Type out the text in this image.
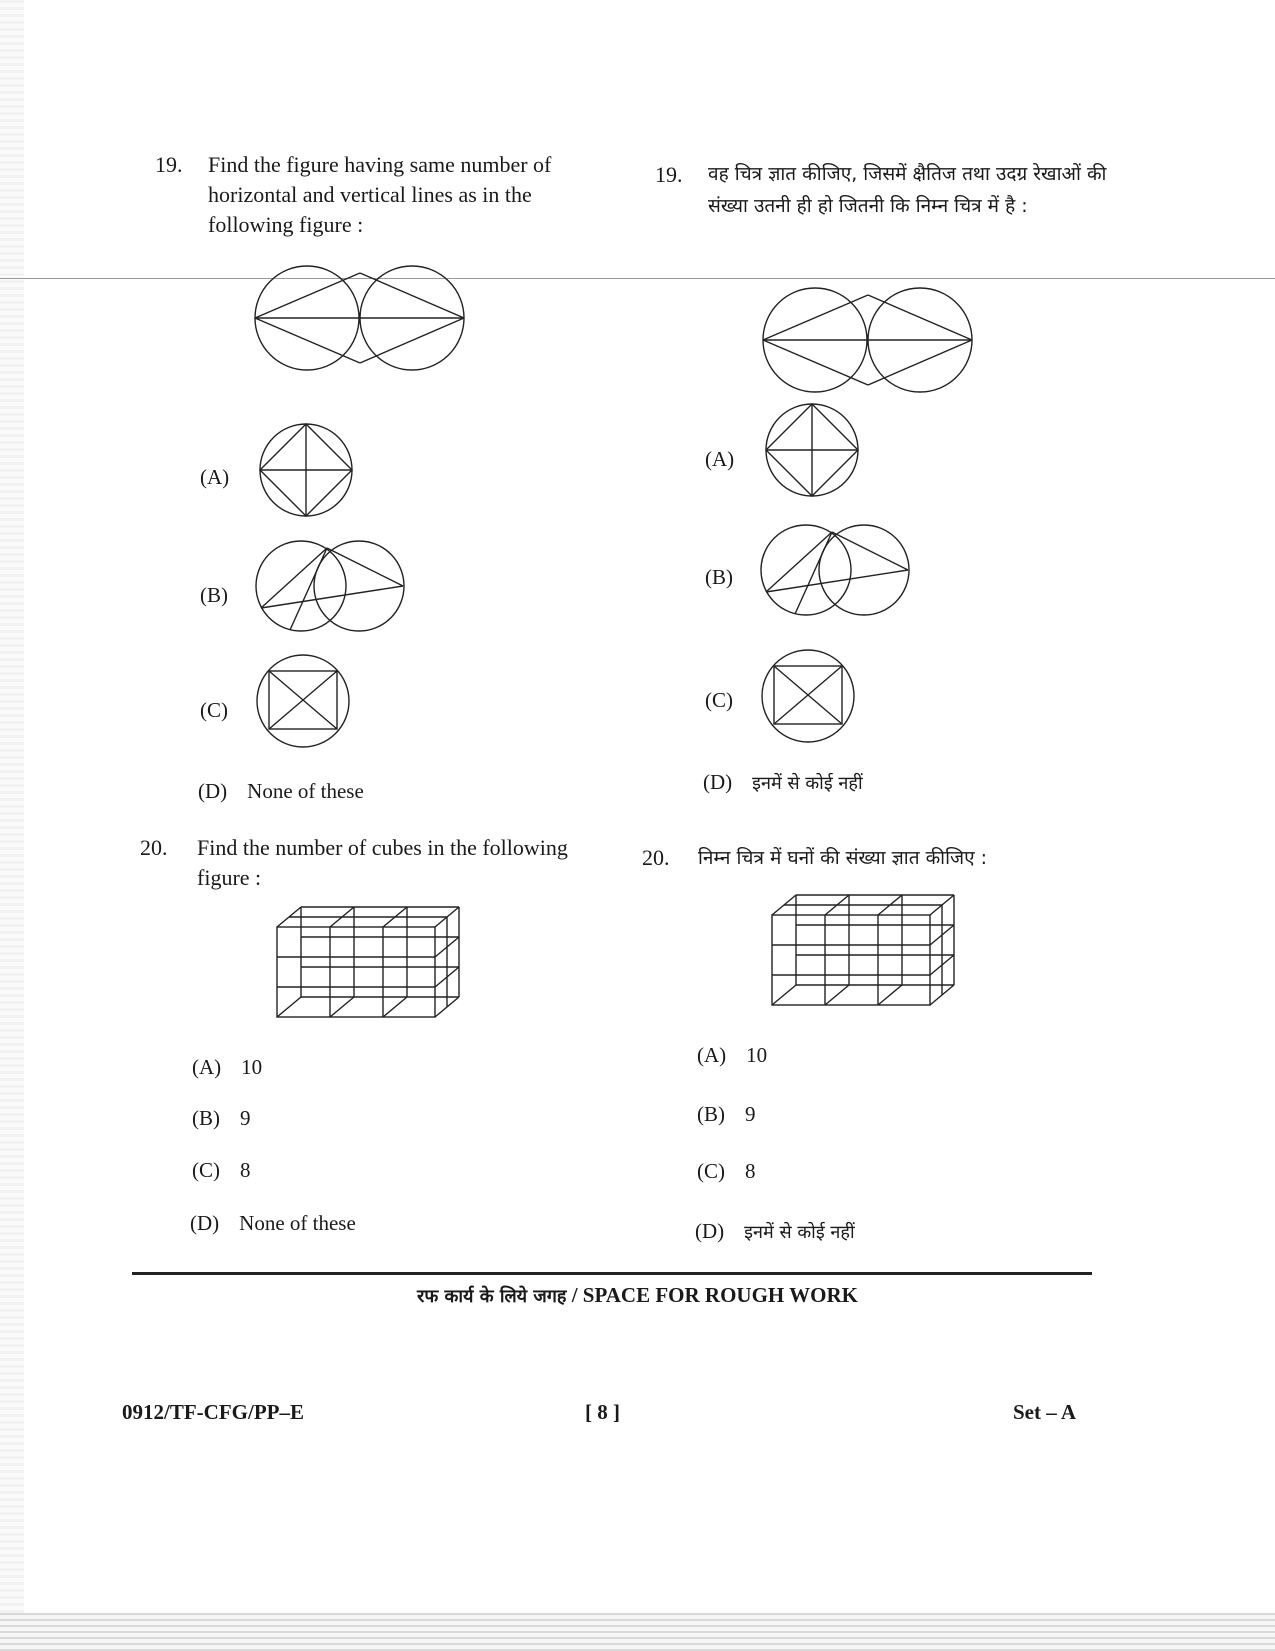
19. Find the figure having same number of horizontal and vertical lines as in the following figure :
(A)
(B)
(C)
(D) None of these
19. वह चित्र ज्ञात कीजिए, जिसमें क्षैतिज तथा उदग्र रेखाओं की संख्या उतनी ही हो जितनी कि निम्न चित्र में है :
(A)
(B)
(C)
(D) इनमें से कोई नहीं
20. Find the number of cubes in the following figure :
(A) 10
(B) 9
(C) 8
(D) None of these
20. निम्न चित्र में घनों की संख्या ज्ञात कीजिए :
(A) 10
(B) 9
(C) 8
(D) इनमें से कोई नहीं
रफ कार्य के लिये जगह / SPACE FOR ROUGH WORK
0912/TF-CFG/PP–E	[ 8 ]	Set – A
